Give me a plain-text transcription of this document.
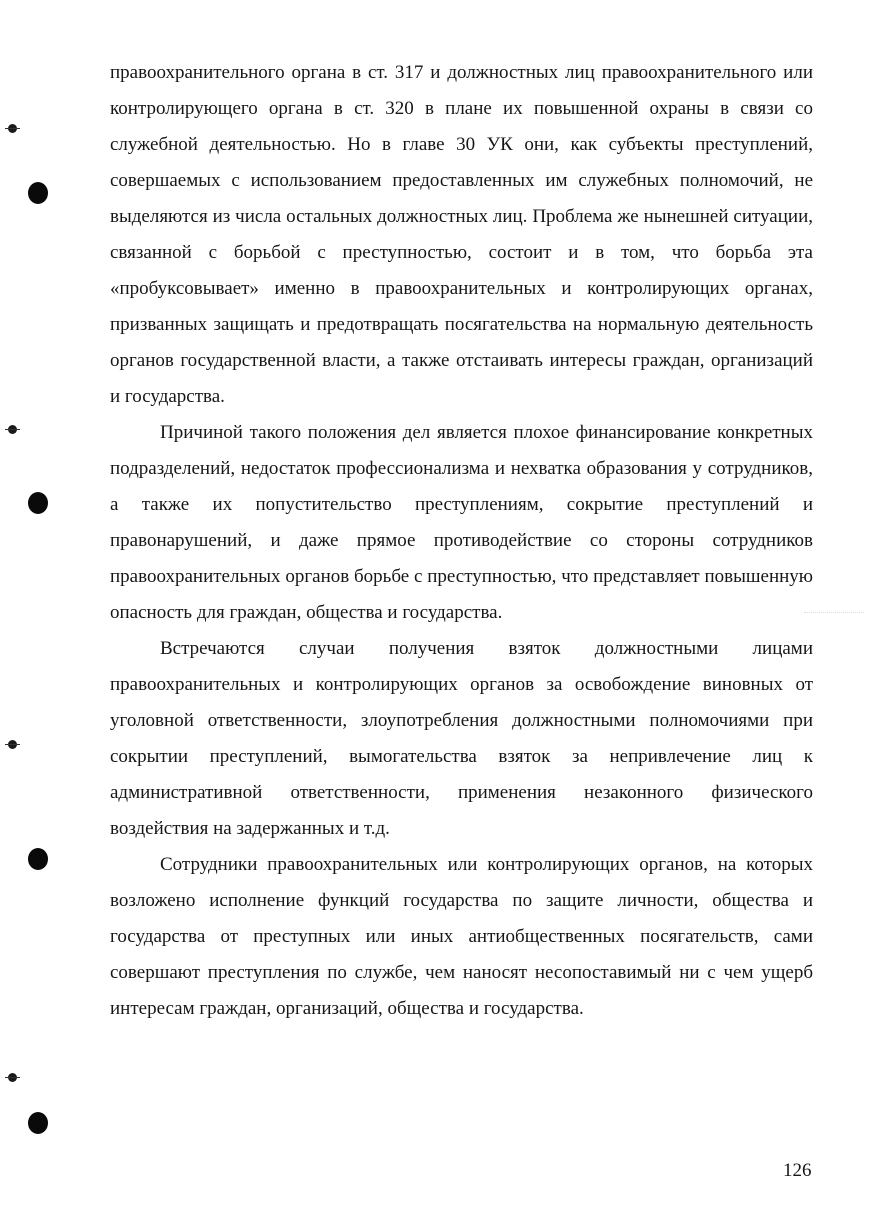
правоохранительного органа в ст. 317 и должностных лиц правоохранительного или контролирующего органа в ст. 320 в плане их повышенной охраны в связи со служебной деятельностью. Но в главе 30 УК они, как субъекты преступлений, совершаемых с использованием предоставленных им служебных полномочий, не выделяются из числа остальных должностных лиц. Проблема же нынешней ситуации, связанной с борьбой с преступностью, состоит и в том, что борьба эта «пробуксовывает» именно в правоохранительных и контролирующих органах, призванных защищать и предотвращать посягательства на нормальную деятельность органов государственной власти, а также отстаивать интересы граждан, организаций и государства.

Причиной такого положения дел является плохое финансирование конкретных подразделений, недостаток профессионализма и нехватка образования у сотрудников, а также их попустительство преступлениям, сокрытие преступлений и правонарушений, и даже прямое противодействие со стороны сотрудников правоохранительных органов борьбе с преступностью, что представляет повышенную опасность для граждан, общества и государства.

Встречаются случаи получения взяток должностными лицами правоохранительных и контролирующих органов за освобождение виновных от уголовной ответственности, злоупотребления должностными полномочиями при сокрытии преступлений, вымогательства взяток за непривлечение лиц к административной ответственности, применения незаконного физического воздействия на задержанных и т.д.

Сотрудники правоохранительных или контролирующих органов, на которых возложено исполнение функций государства по защите личности, общества и государства от преступных или иных антиобщественных посягательств, сами совершают преступления по службе, чем наносят несопоставимый ни с чем ущерб интересам граждан, организаций, общества и государства.

126
